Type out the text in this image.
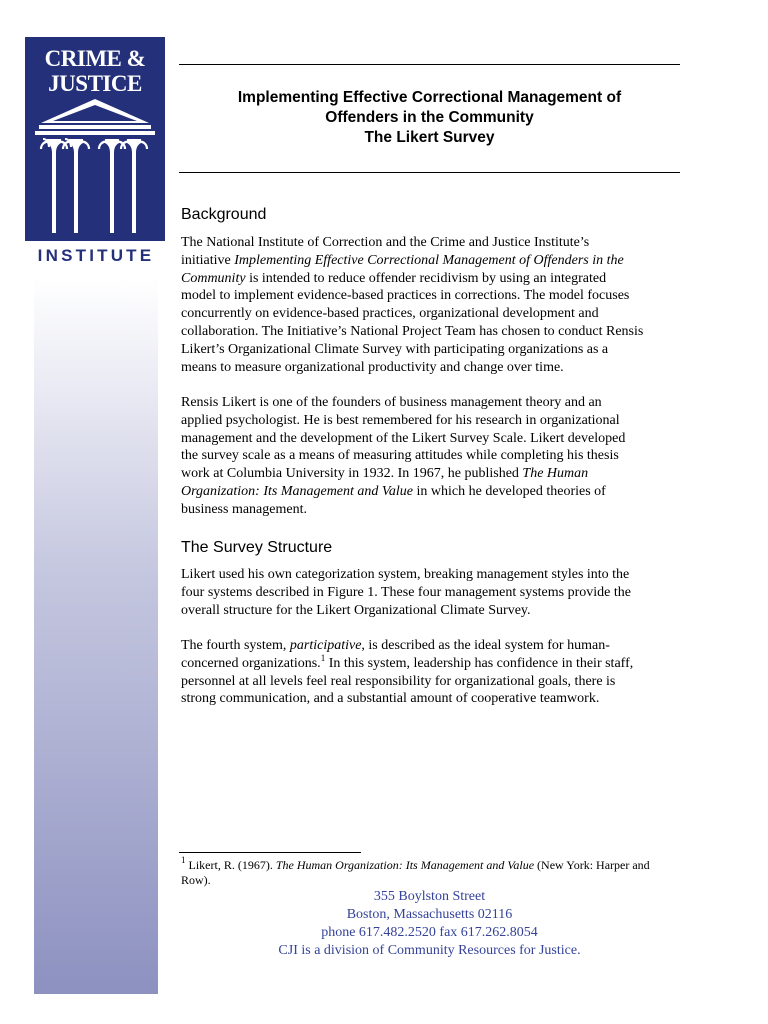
CRIME &
JUSTICE
INSTITUTE
Implementing Effective Correctional Management of
Offenders in the Community
The Likert Survey
Background
The National Institute of Correction and the Crime and Justice Institute’s
initiative Implementing Effective Correctional Management of Offenders in the
Community is intended to reduce offender recidivism by using an integrated
model to implement evidence-based practices in corrections. The model focuses
concurrently on evidence-based practices, organizational development and
collaboration. The Initiative’s National Project Team has chosen to conduct Rensis
Likert’s Organizational Climate Survey with participating organizations as a
means to measure organizational productivity and change over time.
Rensis Likert is one of the founders of business management theory and an
applied psychologist. He is best remembered for his research in organizational
management and the development of the Likert Survey Scale. Likert developed
the survey scale as a means of measuring attitudes while completing his thesis
work at Columbia University in 1932. In 1967, he published The Human
Organization: Its Management and Value in which he developed theories of
business management.
The Survey Structure
Likert used his own categorization system, breaking management styles into the
four systems described in Figure 1. These four management systems provide the
overall structure for the Likert Organizational Climate Survey.
The fourth system, participative, is described as the ideal system for human-
concerned organizations.$^1$ In this system, leadership has confidence in their staff,
personnel at all levels feel real responsibility for organizational goals, there is
strong communication, and a substantial amount of cooperative teamwork.
$^1$ Likert, R. (1967). The Human Organization: Its Management and Value (New York: Harper and
Row).
355 Boylston Street
Boston, Massachusetts 02116
phone 617.482.2520 fax 617.262.8054
CJI is a division of Community Resources for Justice.
